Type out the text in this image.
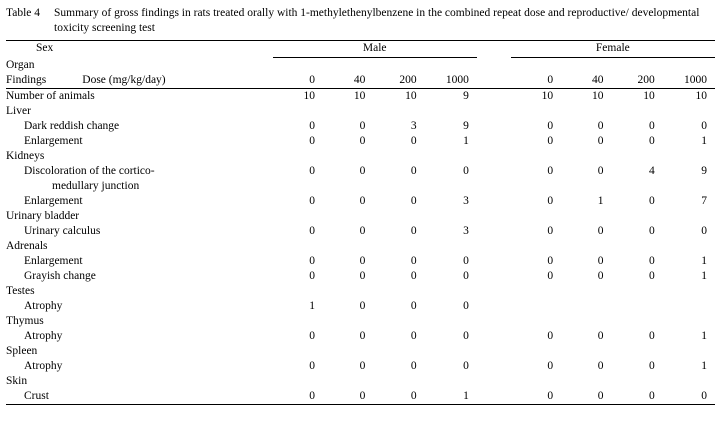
Table 4	Summary of gross findings in rats treated orally with 1-methylethenylbenzene in the combined repeat dose and reproductive/ developmental toxicity screening test
Sex	Male					Female			
Organ									
Findings Dose (mg/kg/day)	0	40	200	1000		0	40	200	1000
Number of animals	10	10	10	9		10	10	10	10
Liver									
Dark reddish change	0	0	3	9		0	0	0	0
Enlargement	0	0	0	1		0	0	0	1
Kidneys									
Discoloration of the cortico-	0	0	0	0		0	0	4	9
medullary junction									
Enlargement	0	0	0	3		0	1	0	7
Urinary bladder									
Urinary calculus	0	0	0	3		0	0	0	0
Adrenals									
Enlargement	0	0	0	0		0	0	0	1
Grayish change	0	0	0	0		0	0	0	1
Testes									
Atrophy	1	0	0	0					
Thymus									
Atrophy	0	0	0	0		0	0	0	1
Spleen									
Atrophy	0	0	0	0		0	0	0	1
Skin									
Crust	0	0	0	1		0	0	0	0
